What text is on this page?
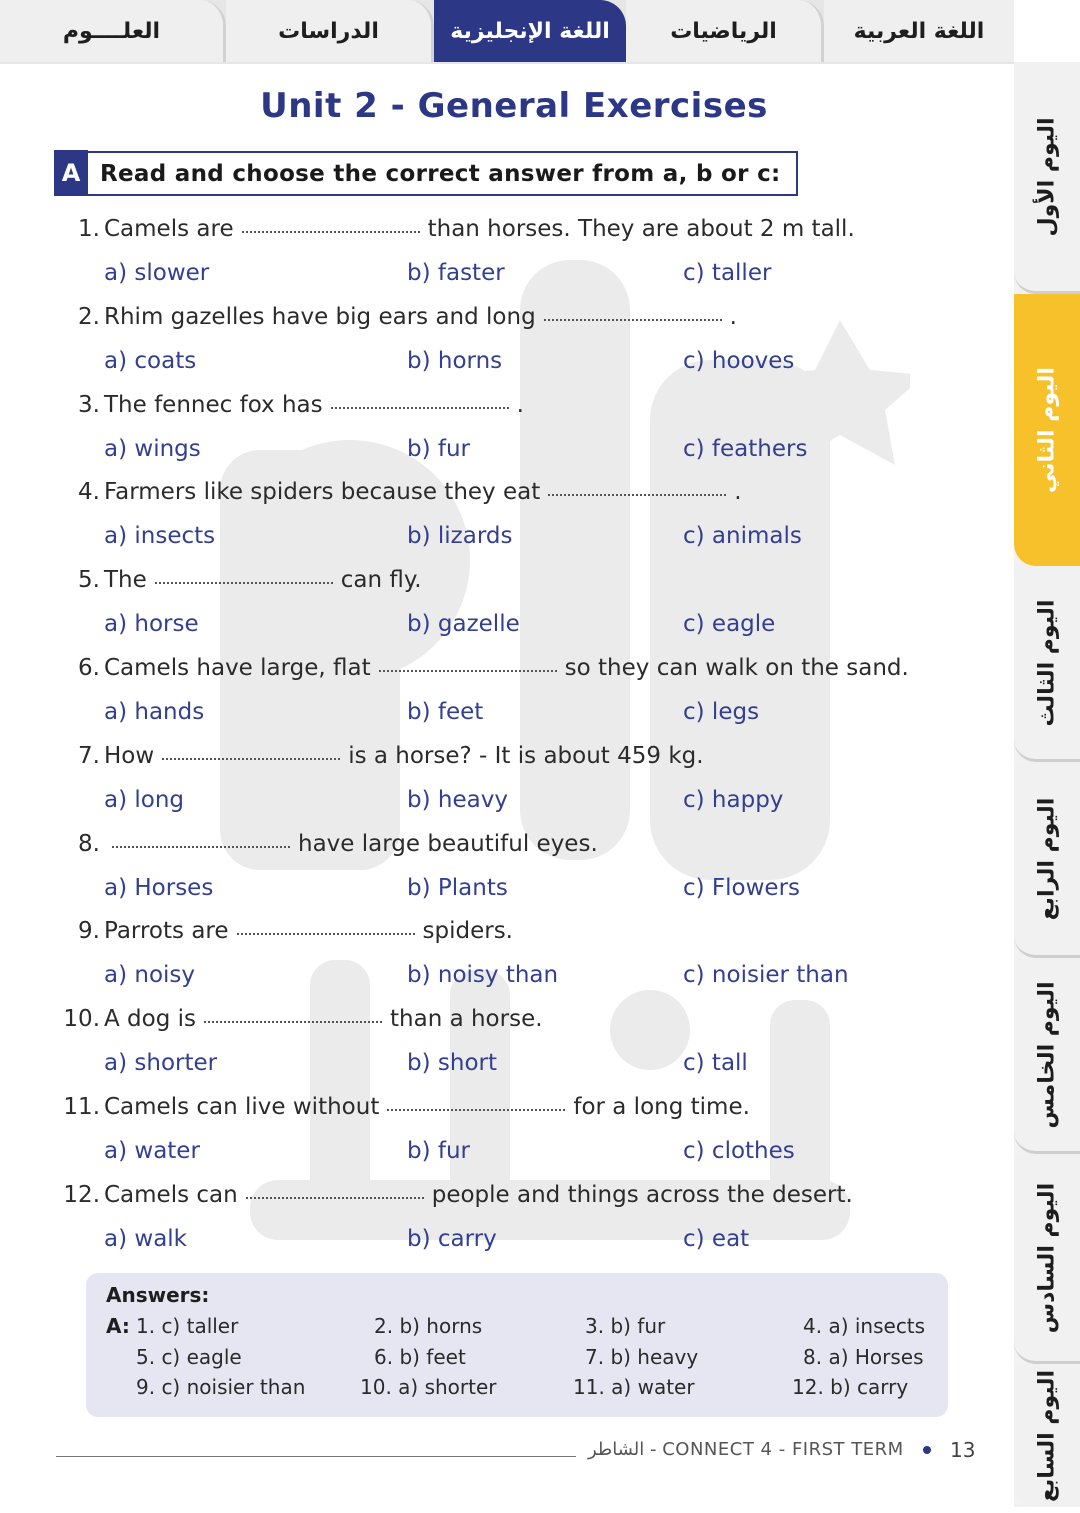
العلــــوم	الدراسات	اللغة الإنجليزية	الرياضيات	اللغة العربية
اليوم الأول
اليوم الثاني
اليوم الثالث
اليوم الرابع
اليوم الخامس
اليوم السادس
اليوم السابع
Unit 2 - General Exercises
A Read and choose the correct answer from a, b or c:
1. Camels are	than horses. They are about 2 m tall.
a) slower	b) faster	c) taller
2. Rhim gazelles have big ears and long	.
a) coats	b) horns	c) hooves
3. The fennec fox has	.
a) wings	b) fur	c) feathers
4. Farmers like spiders because they eat	.
a) insects	b) lizards	c) animals
5. The	can fly.
a) horse	b) gazelle	c) eagle
6. Camels have large, flat	so they can walk on the sand.
a) hands	b) feet	c) legs
7. How	is a horse? - It is about 459 kg.
a) long	b) heavy	c) happy
8.	have large beautiful eyes.
a) Horses	b) Plants	c) Flowers
9. Parrots are	spiders.
a) noisy	b) noisy than	c) noisier than
10. A dog is	than a horse.
a) shorter	b) short	c) tall
11. Camels can live without	for a long time.
a) water	b) fur	c) clothes
12. Camels can	people and things across the desert.
a) walk	b) carry	c) eat
Answers:
A: 1. c) taller	2. b) horns	3. b) fur	4. a) insects
5. c) eagle	6. b) feet	7. b) heavy	8. a) Horses
9. c) noisier than	10. a) shorter	11. a) water	12. b) carry
الشاطر - CONNECT 4 - FIRST TERM 13
